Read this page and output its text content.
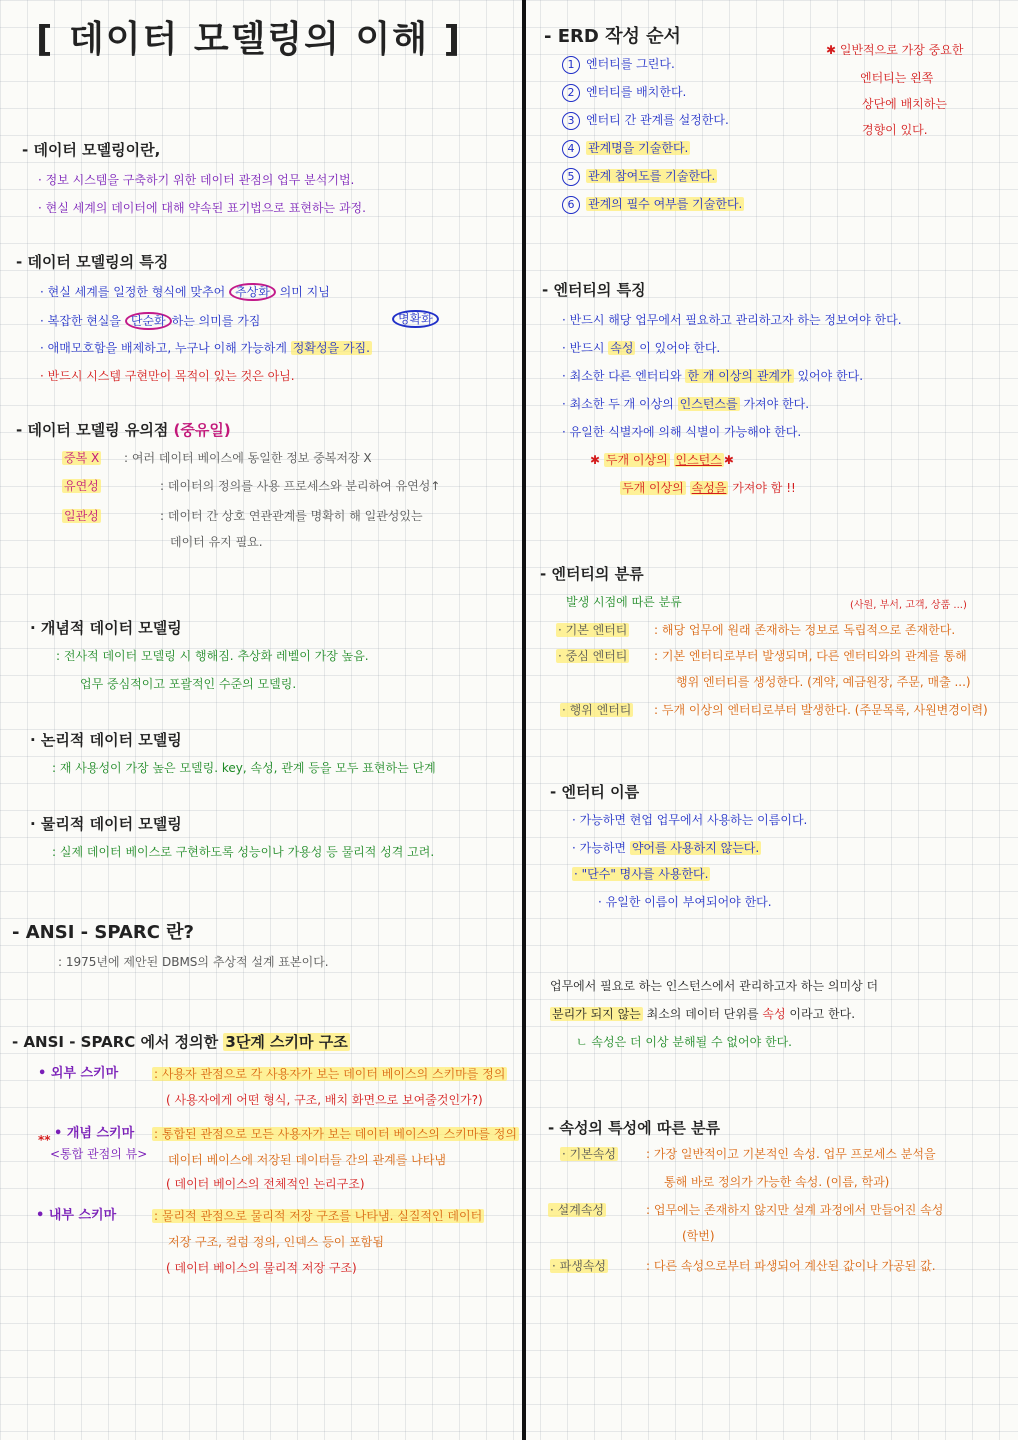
[ 데이터 모델링의 이해 ]
- 데이터 모델링이란,
· 정보 시스템을 구축하기 위한 데이터 관점의 업무 분석기법.
· 현실 세계의 데이터에 대해 약속된 표기법으로 표현하는 과정.
- 데이터 모델링의 특징
· 현실 세계를 일정한 형식에 맞추어 추상화 의미 지님
· 복잡한 현실을 단순화 하는 의미를 가짐	명확화
· 애매모호함을 배제하고, 누구나 이해 가능하게 정확성을 가짐.
· 반드시 시스템 구현만이 목적이 있는 것은 아님.
- 데이터 모델링 유의점 (중유일)
중복 X : 여러 데이터 베이스에 동일한 정보 중복저장 X
유연성	: 데이터의 정의를 사용 프로세스와 분리하여 유연성↑
일관성	: 데이터 간 상호 연관관계를 명확히 해 일관성있는
데이터 유지 필요.
· 개념적 데이터 모델링
: 전사적 데이터 모델링 시 행해짐. 추상화 레벨이 가장 높음.
업무 중심적이고 포괄적인 수준의 모델링.
· 논리적 데이터 모델링
: 재 사용성이 가장 높은 모델링. key, 속성, 관계 등을 모두 표현하는 단계
· 물리적 데이터 모델링
: 실제 데이터 베이스로 구현하도록 성능이나 가용성 등 물리적 성격 고려.
- ANSI - SPARC 란?
: 1975년에 제안된 DBMS의 추상적 설계 표본이다.
- ANSI - SPARC 에서 정의한 3단계 스키마 구조
• 외부 스키마	: 사용자 관점으로 각 사용자가 보는 데이터 베이스의 스키마를 정의
( 사용자에게 어떤 형식, 구조, 배치 화면으로 보여줄것인가?)
• 개념 스키마
**
<통합 관점의 뷰>
: 통합된 관점으로 모든 사용자가 보는 데이터 베이스의 스키마를 정의
데이터 베이스에 저장된 데이터들 간의 관계를 나타냄
( 데이터 베이스의 전체적인 논리구조)
• 내부 스키마	: 물리적 관점으로 물리적 저장 구조를 나타냄. 실질적인 데이터
저장 구조, 컬럼 정의, 인덱스 등이 포함됨
( 데이터 베이스의 물리적 저장 구조)
- ERD 작성 순서
1 엔터티를 그린다.
2 엔터티를 배치한다.
3 엔터티 간 관계를 설정한다.
4 관계명을 기술한다.
5 관계 참여도를 기술한다.
6 관계의 필수 여부를 기술한다.
✱ 일반적으로 가장 중요한
엔터티는 왼쪽
상단에 배치하는
경향이 있다.
- 엔터티의 특징
· 반드시 해당 업무에서 필요하고 관리하고자 하는 정보여야 한다.
· 반드시 속성 이 있어야 한다.
· 최소한 다른 엔터티와 한 개 이상의 관계가 있어야 한다.
· 최소한 두 개 이상의 인스턴스를 가져야 한다.
· 유일한 식별자에 의해 식별이 가능해야 한다.
✱ 두개 이상의 인스턴스 ✱
두개 이상의 속성을 가져야 함 !!
- 엔터티의 분류
발생 시점에 따른 분류	(사원, 부서, 고객, 상품 ...)
· 기본 엔터티 : 해당 업무에 원래 존재하는 정보로 독립적으로 존재한다.
· 중심 엔터티 : 기본 엔터티로부터 발생되며, 다른 엔터티와의 관계를 통해
행위 엔터티를 생성한다. (계약, 예금원장, 주문, 매출 ...)
· 행위 엔터티 : 두개 이상의 엔터티로부터 발생한다. (주문목록, 사원변경이력)
- 엔터티 이름
· 가능하면 현업 업무에서 사용하는 이름이다.
· 가능하면 약어를 사용하지 않는다.
· "단수" 명사를 사용한다.
· 유일한 이름이 부여되어야 한다.
업무에서 필요로 하는 인스턴스에서 관리하고자 하는 의미상 더
분리가 되지 않는 최소의 데이터 단위를 속성 이라고 한다.
ㄴ 속성은 더 이상 분해될 수 없어야 한다.
- 속성의 특성에 따른 분류
· 기본속성	: 가장 일반적이고 기본적인 속성. 업무 프로세스 분석을
통해 바로 정의가 가능한 속성. (이름, 학과)
· 설계속성	: 업무에는 존재하지 않지만 설계 과정에서 만들어진 속성
(학번)
· 파생속성	: 다른 속성으로부터 파생되어 계산된 값이나 가공된 값.
